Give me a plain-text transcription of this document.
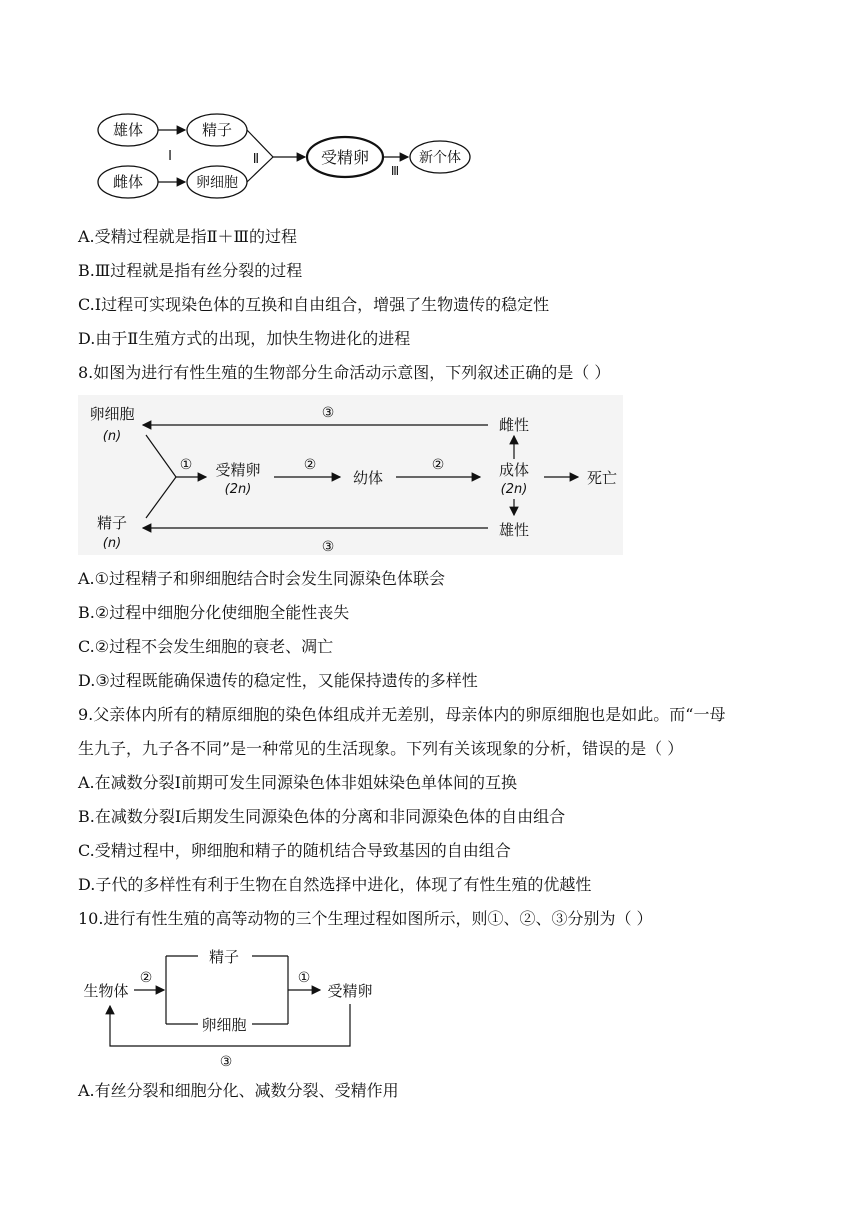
雄体
雌体
精子
卵细胞
受精卵	新个体
Ⅰ	Ⅱ
Ⅲ
A.受精过程就是指Ⅱ＋Ⅲ的过程
B.Ⅲ过程就是指有丝分裂的过程
C.Ⅰ过程可实现染色体的互换和自由组合，增强了生物遗传的稳定性
D.由于Ⅱ生殖方式的出现，加快生物进化的进程
8.如图为进行有性生殖的生物部分生命活动示意图，下列叙述正确的是（ ）
卵细胞
(n)
精子
(n)
③
③
① 受精卵
(2n)
②
幼体
②	成体
(2n)
死亡
雌性
雄性
A.①过程精子和卵细胞结合时会发生同源染色体联会
B.②过程中细胞分化使细胞全能性丧失
C.②过程不会发生细胞的衰老、凋亡
D.③过程既能确保遗传的稳定性，又能保持遗传的多样性
9.父亲体内所有的精原细胞的染色体组成并无差别，母亲体内的卵原细胞也是如此。而“一母
生九子，九子各不同”是一种常见的生活现象。下列有关该现象的分析，错误的是（ ）
A.在减数分裂Ⅰ前期可发生同源染色体非姐妹染色单体间的互换
B.在减数分裂Ⅰ后期发生同源染色体的分离和非同源染色体的自由组合
C.受精过程中，卵细胞和精子的随机结合导致基因的自由组合
D.子代的多样性有利于生物在自然选择中进化，体现了有性生殖的优越性
10.进行有性生殖的高等动物的三个生理过程如图所示，则①、②、③分别为（ ）
生物体
②
精子
卵细胞
①
受精卵
③
A.有丝分裂和细胞分化、减数分裂、受精作用
